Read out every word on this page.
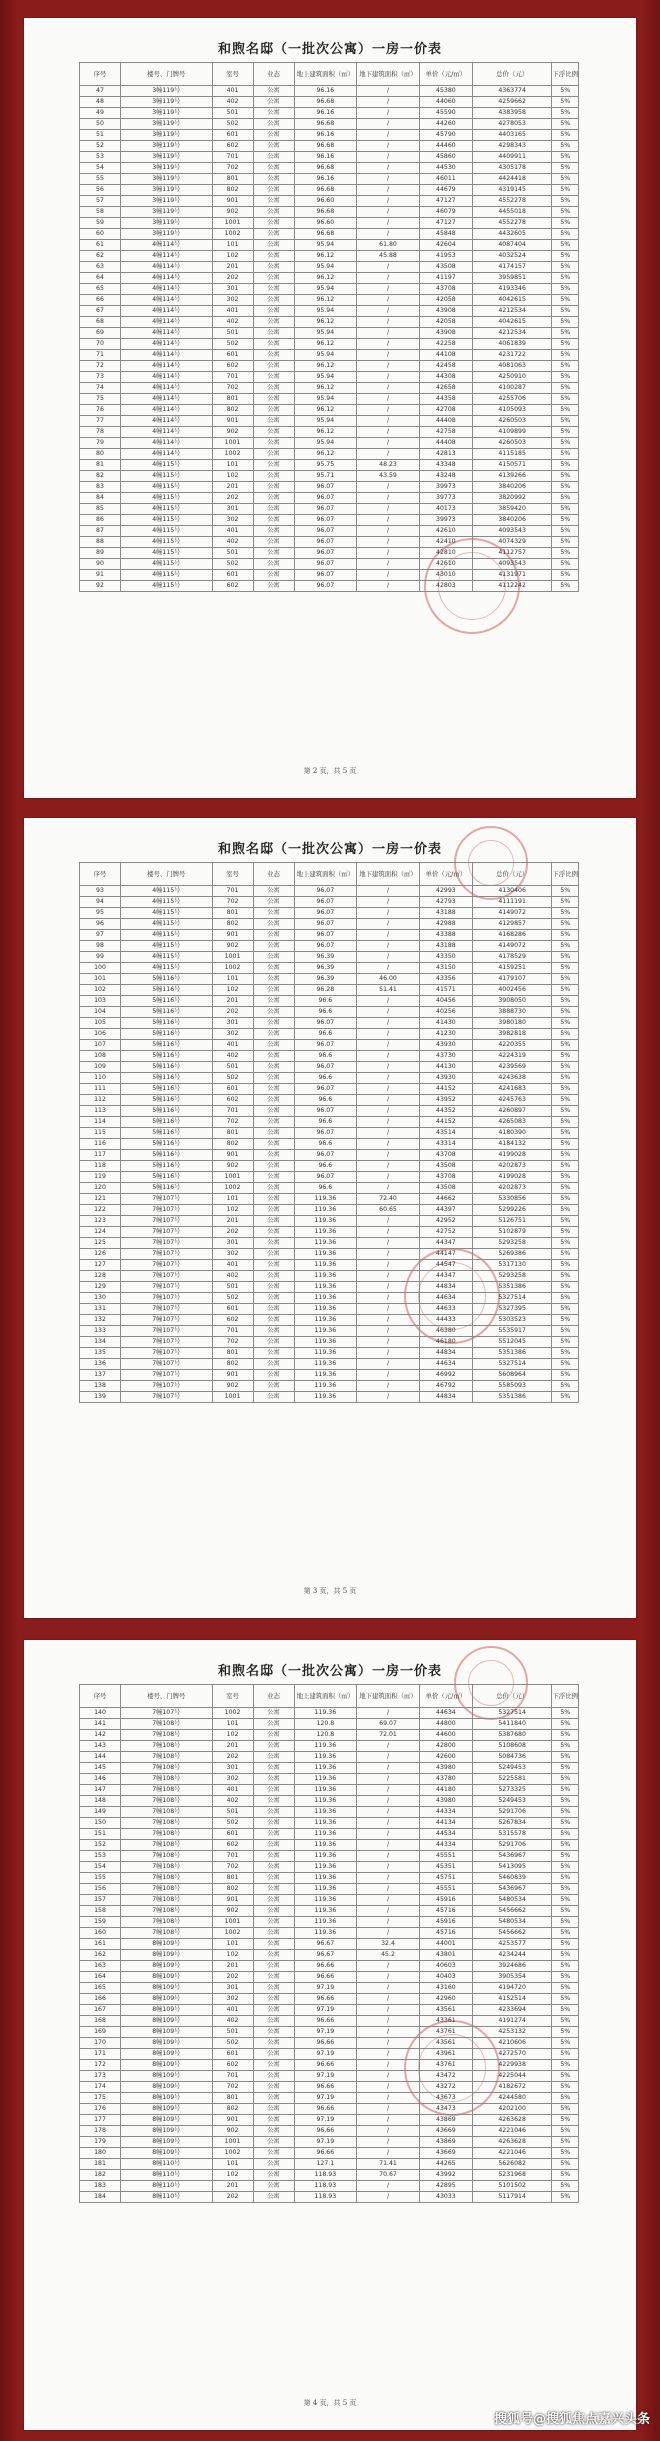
和煦名邸（一批次公寓）一房一价表
序号	楼号、门牌号	室号	业态	地上建筑面积（㎡）	地下建筑面积（㎡）	单价（元/㎡）	总价（元）	下浮比例
47	3幢119号	401	公寓	96.16	/	45380	4363774	5%
48	3幢119号	402	公寓	96.68	/	44060	4259662	5%
49	3幢119号	501	公寓	96.16	/	45590	4383958	5%
50	3幢119号	502	公寓	96.68	/	44260	4278053	5%
51	3幢119号	601	公寓	96.16	/	45790	4403165	5%
52	3幢119号	602	公寓	96.68	/	44460	4298343	5%
53	3幢119号	701	公寓	96.16	/	45860	4409911	5%
54	3幢119号	702	公寓	96.68	/	44530	4305178	5%
55	3幢119号	801	公寓	96.16	/	46011	4424418	5%
56	3幢119号	802	公寓	96.68	/	44679	4319145	5%
57	3幢119号	901	公寓	96.60	/	47127	4552278	5%
58	3幢119号	902	公寓	96.68	/	46079	4455018	5%
59	3幢119号	1001	公寓	96.60	/	47127	4552278	5%
60	3幢119号	1002	公寓	96.68	/	45848	4432605	5%
61	4幢114号	101	公寓	95.94	61.80	42604	4087404	5%
62	4幢114号	102	公寓	96.12	45.88	41953	4032524	5%
63	4幢114号	201	公寓	95.94	/	43508	4174157	5%
64	4幢114号	202	公寓	96.12	/	41197	3959851	5%
65	4幢114号	301	公寓	95.94	/	43708	4193346	5%
66	4幢114号	302	公寓	96.12	/	42058	4042615	5%
67	4幢114号	401	公寓	95.94	/	43908	4212534	5%
68	4幢114号	402	公寓	96.12	/	42058	4042615	5%
69	4幢114号	501	公寓	95.94	/	43908	4212534	5%
70	4幢114号	502	公寓	96.12	/	42258	4061839	5%
71	4幢114号	601	公寓	95.94	/	44108	4231722	5%
72	4幢114号	602	公寓	96.12	/	42458	4081063	5%
73	4幢114号	701	公寓	95.94	/	44308	4250910	5%
74	4幢114号	702	公寓	96.12	/	42658	4100287	5%
75	4幢114号	801	公寓	95.94	/	44358	4255706	5%
76	4幢114号	802	公寓	96.12	/	42708	4105093	5%
77	4幢114号	901	公寓	95.94	/	44408	4260503	5%
78	4幢114号	902	公寓	96.12	/	42758	4109899	5%
79	4幢114号	1001	公寓	95.94	/	44408	4260503	5%
80	4幢114号	1002	公寓	96.12	/	42813	4115185	5%
81	4幢115号	101	公寓	95.75	48.23	43348	4150571	5%
82	4幢115号	102	公寓	95.71	43.59	43248	4139266	5%
83	4幢115号	201	公寓	96.07	/	39973	3840206	5%
84	4幢115号	202	公寓	96.07	/	39773	3820992	5%
85	4幢115号	301	公寓	96.07	/	40173	3859420	5%
86	4幢115号	302	公寓	96.07	/	39973	3840206	5%
87	4幢115号	401	公寓	96.07	/	42610	4093543	5%
88	4幢115号	402	公寓	96.07	/	42410	4074329	5%
89	4幢115号	501	公寓	96.07	/	42810	4112757	5%
90	4幢115号	502	公寓	96.07	/	42610	4093543	5%
91	4幢115号	601	公寓	96.07	/	43010	4131971	5%
92	4幢115号	602	公寓	96.07	/	42803	4112242	5%
第 2 页，共 5 页
和煦名邸（一批次公寓）一房一价表
序号	楼号、门牌号	室号	业态	地上建筑面积（㎡）	地下建筑面积（㎡）	单价（元/㎡）	总价（元）	下浮比例
93	4幢115号	701	公寓	96.07	/	42993	4130406	5%
94	4幢115号	702	公寓	96.07	/	42793	4111191	5%
95	4幢115号	801	公寓	96.07	/	43188	4149072	5%
96	4幢115号	802	公寓	96.07	/	42988	4129857	5%
97	4幢115号	901	公寓	96.07	/	43388	4168286	5%
98	4幢115号	902	公寓	96.07	/	43188	4149072	5%
99	4幢115号	1001	公寓	96.39	/	43350	4178529	5%
100	4幢115号	1002	公寓	96.39	/	43150	4159251	5%
101	5幢116号	101	公寓	96.39	46.00	43356	4179107	5%
102	5幢116号	102	公寓	96.28	51.41	41571	4002456	5%
103	5幢116号	201	公寓	96.6	/	40456	3908050	5%
104	5幢116号	202	公寓	96.6	/	40256	3888730	5%
105	5幢116号	301	公寓	96.07	/	41430	3980180	5%
106	5幢116号	302	公寓	96.6	/	41230	3982818	5%
107	5幢116号	401	公寓	96.07	/	43930	4220355	5%
108	5幢116号	402	公寓	96.6	/	43730	4224319	5%
109	5幢116号	501	公寓	96.07	/	44130	4239569	5%
110	5幢116号	502	公寓	96.6	/	43930	4243638	5%
111	5幢116号	601	公寓	96.07	/	44152	4241683	5%
112	5幢116号	602	公寓	96.6	/	43952	4245763	5%
113	5幢116号	701	公寓	96.07	/	44352	4260897	5%
114	5幢116号	702	公寓	96.6	/	44152	4265083	5%
115	5幢116号	801	公寓	96.07	/	43514	4180390	5%
116	5幢116号	802	公寓	96.6	/	43314	4184132	5%
117	5幢116号	901	公寓	96.07	/	43708	4199028	5%
118	5幢116号	902	公寓	96.6	/	43508	4202873	5%
119	5幢116号	1001	公寓	96.07	/	43708	4199028	5%
120	5幢116号	1002	公寓	96.6	/	43508	4202873	5%
121	7幢107号	101	公寓	119.36	72.40	44662	5330856	5%
122	7幢107号	102	公寓	119.36	60.65	44397	5299226	5%
123	7幢107号	201	公寓	119.36	/	42952	5126751	5%
124	7幢107号	202	公寓	119.36	/	42752	5102879	5%
125	7幢107号	301	公寓	119.36	/	44347	5293258	5%
126	7幢107号	302	公寓	119.36	/	44147	5269386	5%
127	7幢107号	401	公寓	119.36	/	44547	5317130	5%
128	7幢107号	402	公寓	119.36	/	44347	5293258	5%
129	7幢107号	501	公寓	119.36	/	44834	5351386	5%
130	7幢107号	502	公寓	119.36	/	44634	5327514	5%
131	7幢107号	601	公寓	119.36	/	44633	5327395	5%
132	7幢107号	602	公寓	119.36	/	44433	5303523	5%
133	7幢107号	701	公寓	119.36	/	46380	5535917	5%
134	7幢107号	702	公寓	119.36	/	46180	5512045	5%
135	7幢107号	801	公寓	119.36	/	44834	5351386	5%
136	7幢107号	802	公寓	119.36	/	44634	5327514	5%
137	7幢107号	901	公寓	119.36	/	46992	5608964	5%
138	7幢107号	902	公寓	119.36	/	46792	5585093	5%
139	7幢107号	1001	公寓	119.36	/	44834	5351386	5%
第 3 页，共 5 页
和煦名邸（一批次公寓）一房一价表
序号	楼号、门牌号	室号	业态	地上建筑面积（㎡）	地下建筑面积（㎡）	单价（元/㎡）	总价（元）	下浮比例
140	7幢107号	1002	公寓	119.36	/	44634	5327514	5%
141	7幢108号	101	公寓	120.8	69.07	44800	5411840	5%
142	7幢108号	102	公寓	120.8	72.01	44600	5387680	5%
143	7幢108号	201	公寓	119.36	/	42800	5108608	5%
144	7幢108号	202	公寓	119.36	/	42600	5084736	5%
145	7幢108号	301	公寓	119.36	/	43980	5249453	5%
146	7幢108号	302	公寓	119.36	/	43780	5225581	5%
147	7幢108号	401	公寓	119.36	/	44180	5273325	5%
148	7幢108号	402	公寓	119.36	/	43980	5249453	5%
149	7幢108号	501	公寓	119.36	/	44334	5291706	5%
150	7幢108号	502	公寓	119.36	/	44134	5267834	5%
151	7幢108号	601	公寓	119.36	/	44534	5315578	5%
152	7幢108号	602	公寓	119.36	/	44334	5291706	5%
153	7幢108号	701	公寓	119.36	/	45551	5436967	5%
154	7幢108号	702	公寓	119.36	/	45351	5413095	5%
155	7幢108号	801	公寓	119.36	/	45751	5460839	5%
156	7幢108号	802	公寓	119.36	/	45551	5436967	5%
157	7幢108号	901	公寓	119.36	/	45916	5480534	5%
158	7幢108号	902	公寓	119.36	/	45716	5456662	5%
159	7幢108号	1001	公寓	119.36	/	45916	5480534	5%
160	7幢108号	1002	公寓	119.36	/	45716	5456662	5%
161	8幢109号	101	公寓	96.67	32.4	44001	4253577	5%
162	8幢109号	102	公寓	96.67	45.2	43801	4234244	5%
163	8幢109号	201	公寓	96.66	/	40603	3924686	5%
164	8幢109号	202	公寓	96.66	/	40403	3905354	5%
165	8幢109号	301	公寓	97.19	/	43160	4194720	5%
166	8幢109号	302	公寓	96.66	/	42960	4152514	5%
167	8幢109号	401	公寓	97.19	/	43561	4233694	5%
168	8幢109号	402	公寓	96.66	/	43361	4191274	5%
169	8幢109号	501	公寓	97.19	/	43761	4253132	5%
170	8幢109号	502	公寓	96.66	/	43561	4210606	5%
171	8幢109号	601	公寓	97.19	/	43961	4272570	5%
172	8幢109号	602	公寓	96.66	/	43761	4229938	5%
173	8幢109号	701	公寓	97.19	/	43472	4225044	5%
174	8幢109号	702	公寓	96.66	/	43272	4182672	5%
175	8幢109号	801	公寓	97.19	/	43673	4244580	5%
176	8幢109号	802	公寓	96.66	/	43473	4202100	5%
177	8幢109号	901	公寓	97.19	/	43869	4263628	5%
178	8幢109号	902	公寓	96.66	/	43669	4221046	5%
179	8幢109号	1001	公寓	97.19	/	43869	4263628	5%
180	8幢109号	1002	公寓	96.66	/	43669	4221046	5%
181	8幢110号	101	公寓	127.1	71.41	44265	5626082	5%
182	8幢110号	102	公寓	118.93	70.67	43992	5231968	5%
183	8幢110号	201	公寓	118.93	/	42895	5101502	5%
184	8幢110号	202	公寓	118.93	/	43033	5117914	5%
第 4 页，共 5 页
搜狐号@搜狐焦点嘉兴头条
